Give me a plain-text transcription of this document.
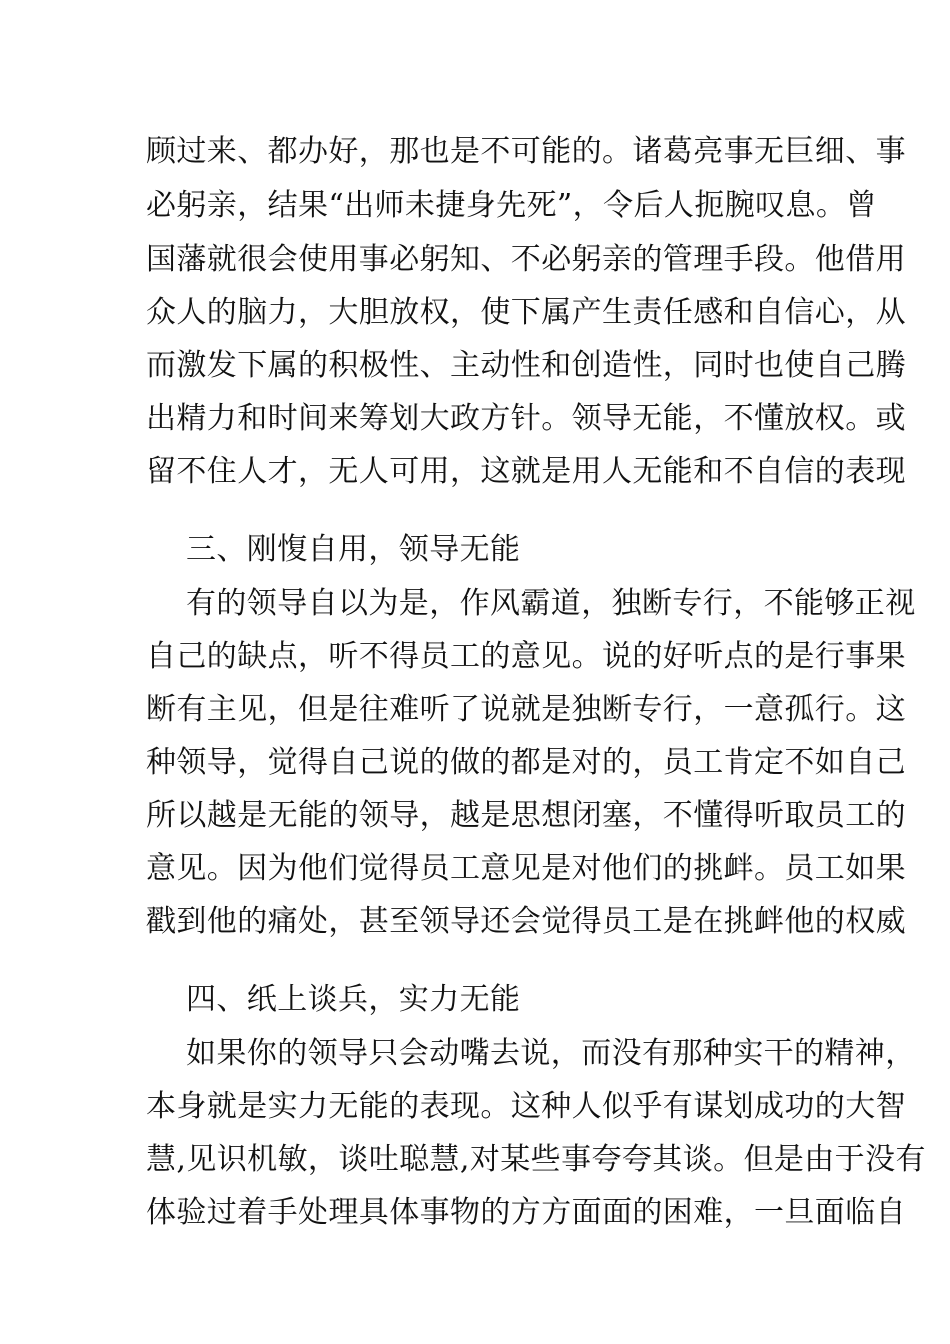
顾过来、都办好，那也是不可能的。诸葛亮事无巨细、事
必躬亲，结果“出师未捷身先死”，令后人扼腕叹息。曾
国藩就很会使用事必躬知、不必躬亲的管理手段。他借用
众人的脑力，大胆放权，使下属产生责任感和自信心，从
而激发下属的积极性、主动性和创造性，同时也使自己腾
出精力和时间来筹划大政方针。领导无能，不懂放权。或
留不住人才，无人可用，这就是用人无能和不自信的表现
三、刚愎自用，领导无能
有的领导自以为是，作风霸道，独断专行，不能够正视
自己的缺点，听不得员工的意见。说的好听点的是行事果
断有主见，但是往难听了说就是独断专行，一意孤行。这
种领导，觉得自己说的做的都是对的，员工肯定不如自己
所以越是无能的领导，越是思想闭塞，不懂得听取员工的
意见。因为他们觉得员工意见是对他们的挑衅。员工如果
戳到他的痛处，甚至领导还会觉得员工是在挑衅他的权威
四、纸上谈兵，实力无能
如果你的领导只会动嘴去说，而没有那种实干的精神，
本身就是实力无能的表现。这种人似乎有谋划成功的大智
慧,见识机敏，谈吐聪慧,对某些事夸夸其谈。但是由于没有
体验过着手处理具体事物的方方面面的困难，一旦面临自
